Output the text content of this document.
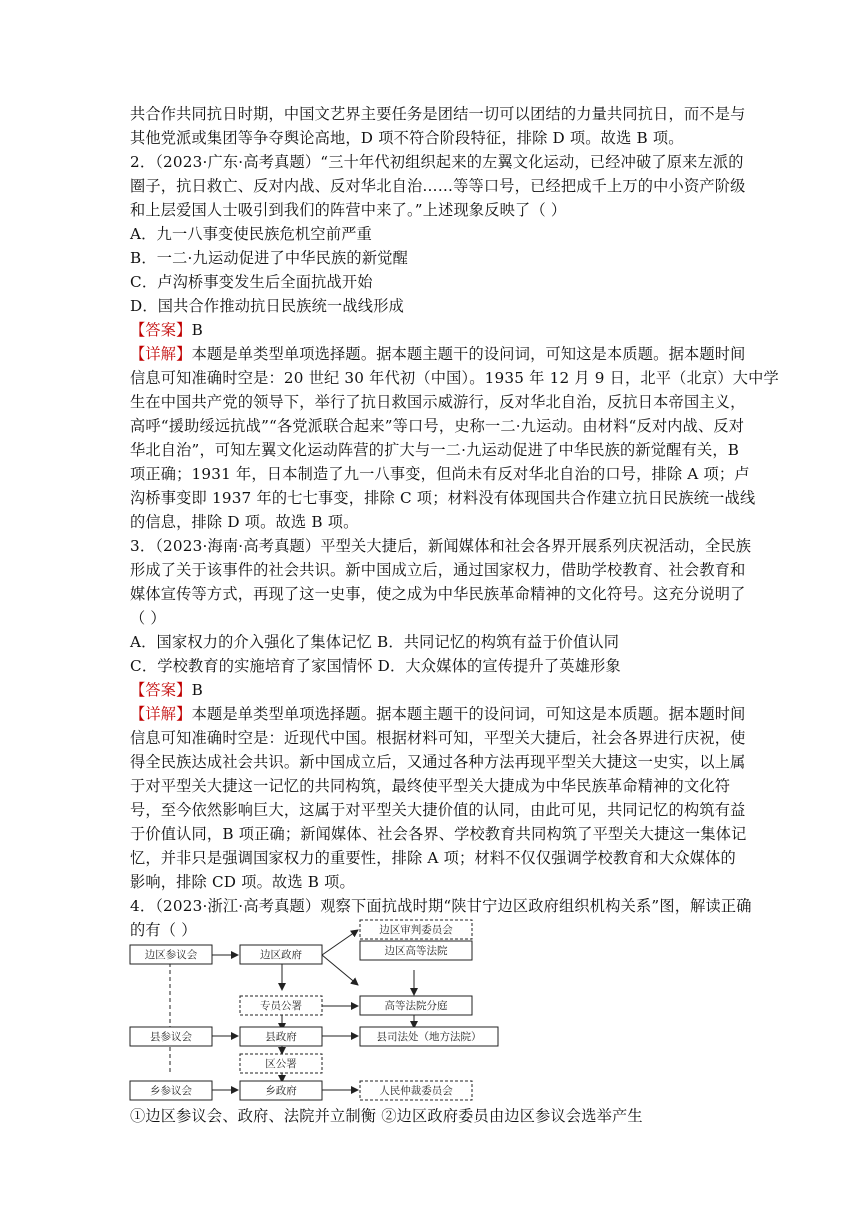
共合作共同抗日时期，中国文艺界主要任务是团结一切可以团结的力量共同抗日，而不是与
其他党派或集团等争夺舆论高地，D 项不符合阶段特征，排除 D 项。故选 B 项。
2．（2023·广东·高考真题）“三十年代初组织起来的左翼文化运动，已经冲破了原来左派的
圈子，抗日救亡、反对内战、反对华北自治……等等口号，已经把成千上万的中小资产阶级
和上层爱国人士吸引到我们的阵营中来了。”上述现象反映了（ ）
A．九一八事变使民族危机空前严重
B．一二·九运动促进了中华民族的新觉醒
C．卢沟桥事变发生后全面抗战开始
D．国共合作推动抗日民族统一战线形成
【答案】B
【详解】本题是单类型单项选择题。据本题主题干的设问词，可知这是本质题。据本题时间
信息可知准确时空是：20 世纪 30 年代初（中国）。1935 年 12 月 9 日，北平（北京）大中学
生在中国共产党的领导下，举行了抗日救国示威游行，反对华北自治，反抗日本帝国主义，
高呼“援助绥远抗战”“各党派联合起来”等口号，史称一二·九运动。由材料“反对内战、反对
华北自治”，可知左翼文化运动阵营的扩大与一二·九运动促进了中华民族的新觉醒有关，B
项正确；1931 年，日本制造了九一八事变，但尚未有反对华北自治的口号，排除 A 项；卢
沟桥事变即 1937 年的七七事变，排除 C 项；材料没有体现国共合作建立抗日民族统一战线
的信息，排除 D 项。故选 B 项。
3．（2023·海南·高考真题）平型关大捷后，新闻媒体和社会各界开展系列庆祝活动，全民族
形成了关于该事件的社会共识。新中国成立后，通过国家权力，借助学校教育、社会教育和
媒体宣传等方式，再现了这一史事，使之成为中华民族革命精神的文化符号。这充分说明了
（ ）
A．国家权力的介入强化了集体记忆 B．共同记忆的构筑有益于价值认同
C．学校教育的实施培育了家国情怀 D．大众媒体的宣传提升了英雄形象
【答案】B
【详解】本题是单类型单项选择题。据本题主题干的设问词，可知这是本质题。据本题时间
信息可知准确时空是：近现代中国。根据材料可知，平型关大捷后，社会各界进行庆祝，使
得全民族达成社会共识。新中国成立后，又通过各种方法再现平型关大捷这一史实，以上属
于对平型关大捷这一记忆的共同构筑，最终使平型关大捷成为中华民族革命精神的文化符
号，至今依然影响巨大，这属于对平型关大捷价值的认同，由此可见，共同记忆的构筑有益
于价值认同，B 项正确；新闻媒体、社会各界、学校教育共同构筑了平型关大捷这一集体记
忆，并非只是强调国家权力的重要性，排除 A 项；材料不仅仅强调学校教育和大众媒体的
影响，排除 CD 项。故选 B 项。
4．（2023·浙江·高考真题）观察下面抗战时期“陕甘宁边区政府组织机构关系”图，解读正确
的有（ ）
边区参议会	边区政府
边区审判委员会
边区高等法院
专员公署	高等法院分庭
县参议会	县政府	县司法处（地方法院）
区公署
乡参议会	乡政府	人民仲裁委员会
①边区参议会、政府、法院并立制衡 ②边区政府委员由边区参议会选举产生
